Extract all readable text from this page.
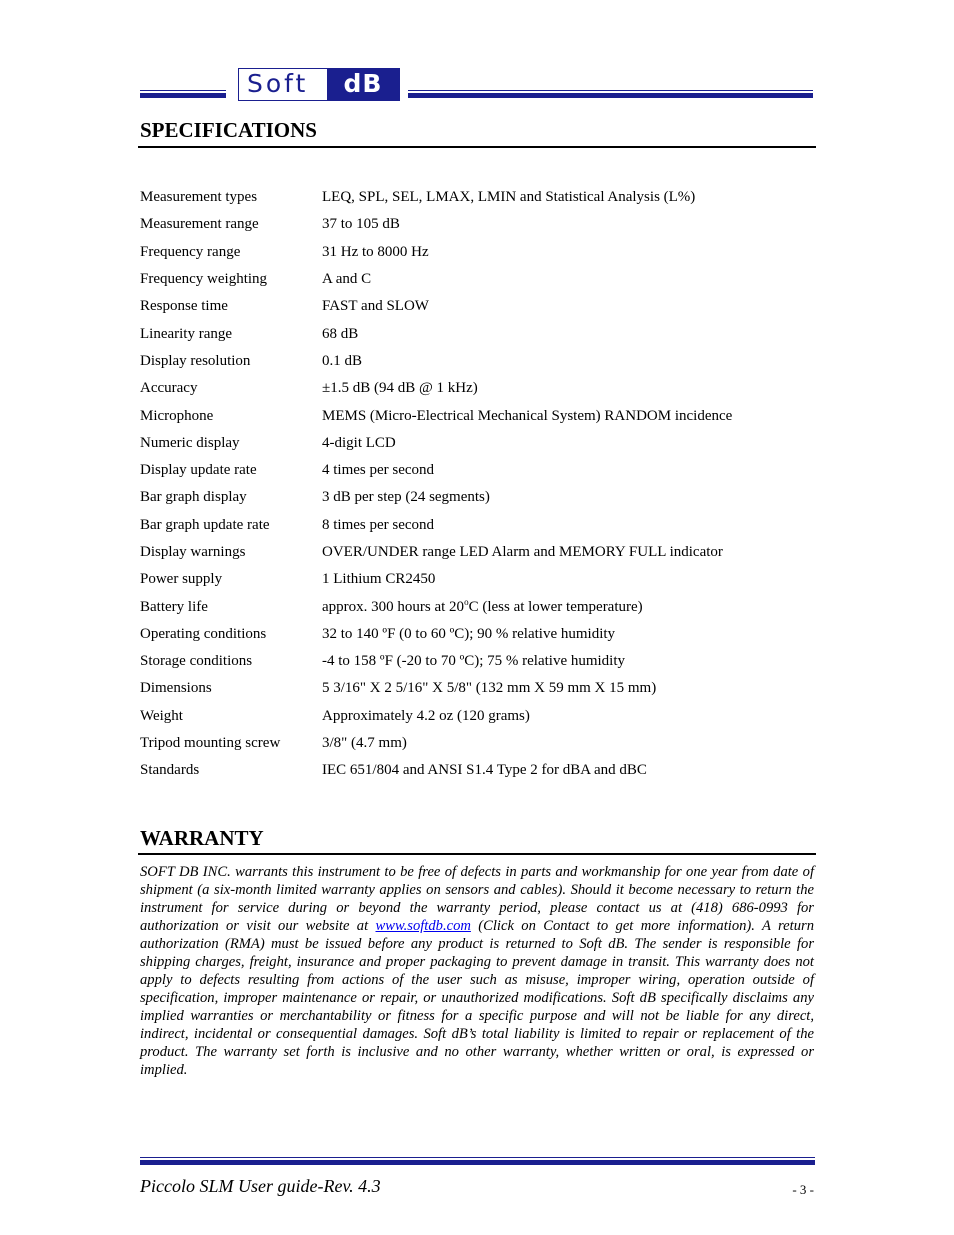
Soft	dB
SPECIFICATIONS
Measurement types	LEQ, SPL, SEL, LMAX, LMIN and Statistical Analysis (L%)
Measurement range	37 to 105 dB
Frequency range	31 Hz to 8000 Hz
Frequency weighting	A and C
Response time	FAST and SLOW
Linearity range	68 dB
Display resolution	0.1 dB
Accuracy	±1.5 dB (94 dB @ 1 kHz)
Microphone	MEMS (Micro-Electrical Mechanical System) RANDOM incidence
Numeric display	4-digit LCD
Display update rate	4 times per second
Bar graph display	3 dB per step (24 segments)
Bar graph update rate	8 times per second
Display warnings	OVER/UNDER range LED Alarm and MEMORY FULL indicator
Power supply	1 Lithium CR2450
Battery life	approx. 300 hours at 20$^o$C (less at lower temperature)
Operating conditions	32 to 140 ºF (0 to 60 ºC); 90 % relative humidity
Storage conditions	-4 to 158 ºF (-20 to 70 ºC); 75 % relative humidity
Dimensions	5 3/16" X 2 5/16" X 5/8" (132 mm X 59 mm X 15 mm)
Weight	Approximately 4.2 oz (120 grams)
Tripod mounting screw	3/8" (4.7 mm)
Standards	IEC 651/804 and ANSI S1.4 Type 2 for dBA and dBC
WARRANTY
SOFT DB INC. warrants this instrument to be free of defects in parts and workmanship for one year from date of shipment (a six-month limited warranty applies on sensors and cables). Should it become necessary to return the instrument for service during or beyond the warranty period, please contact us at (418) 686-0993 for authorization or visit our website at www.softdb.com (Click on Contact to get more information). A return authorization (RMA) must be issued before any product is returned to Soft dB. The sender is responsible for shipping charges, freight, insurance and proper packaging to prevent damage in transit. This warranty does not apply to defects resulting from actions of the user such as misuse, improper wiring, operation outside of specification, improper maintenance or repair, or unauthorized modifications. Soft dB specifically disclaims any implied warranties or merchantability or fitness for a specific purpose and will not be liable for any direct, indirect, incidental or consequential damages. Soft dB’s total liability is limited to repair or replacement of the product. The warranty set forth is inclusive and no other warranty, whether written or oral, is expressed or implied.
Piccolo SLM User guide-Rev. 4.3	- 3 -
